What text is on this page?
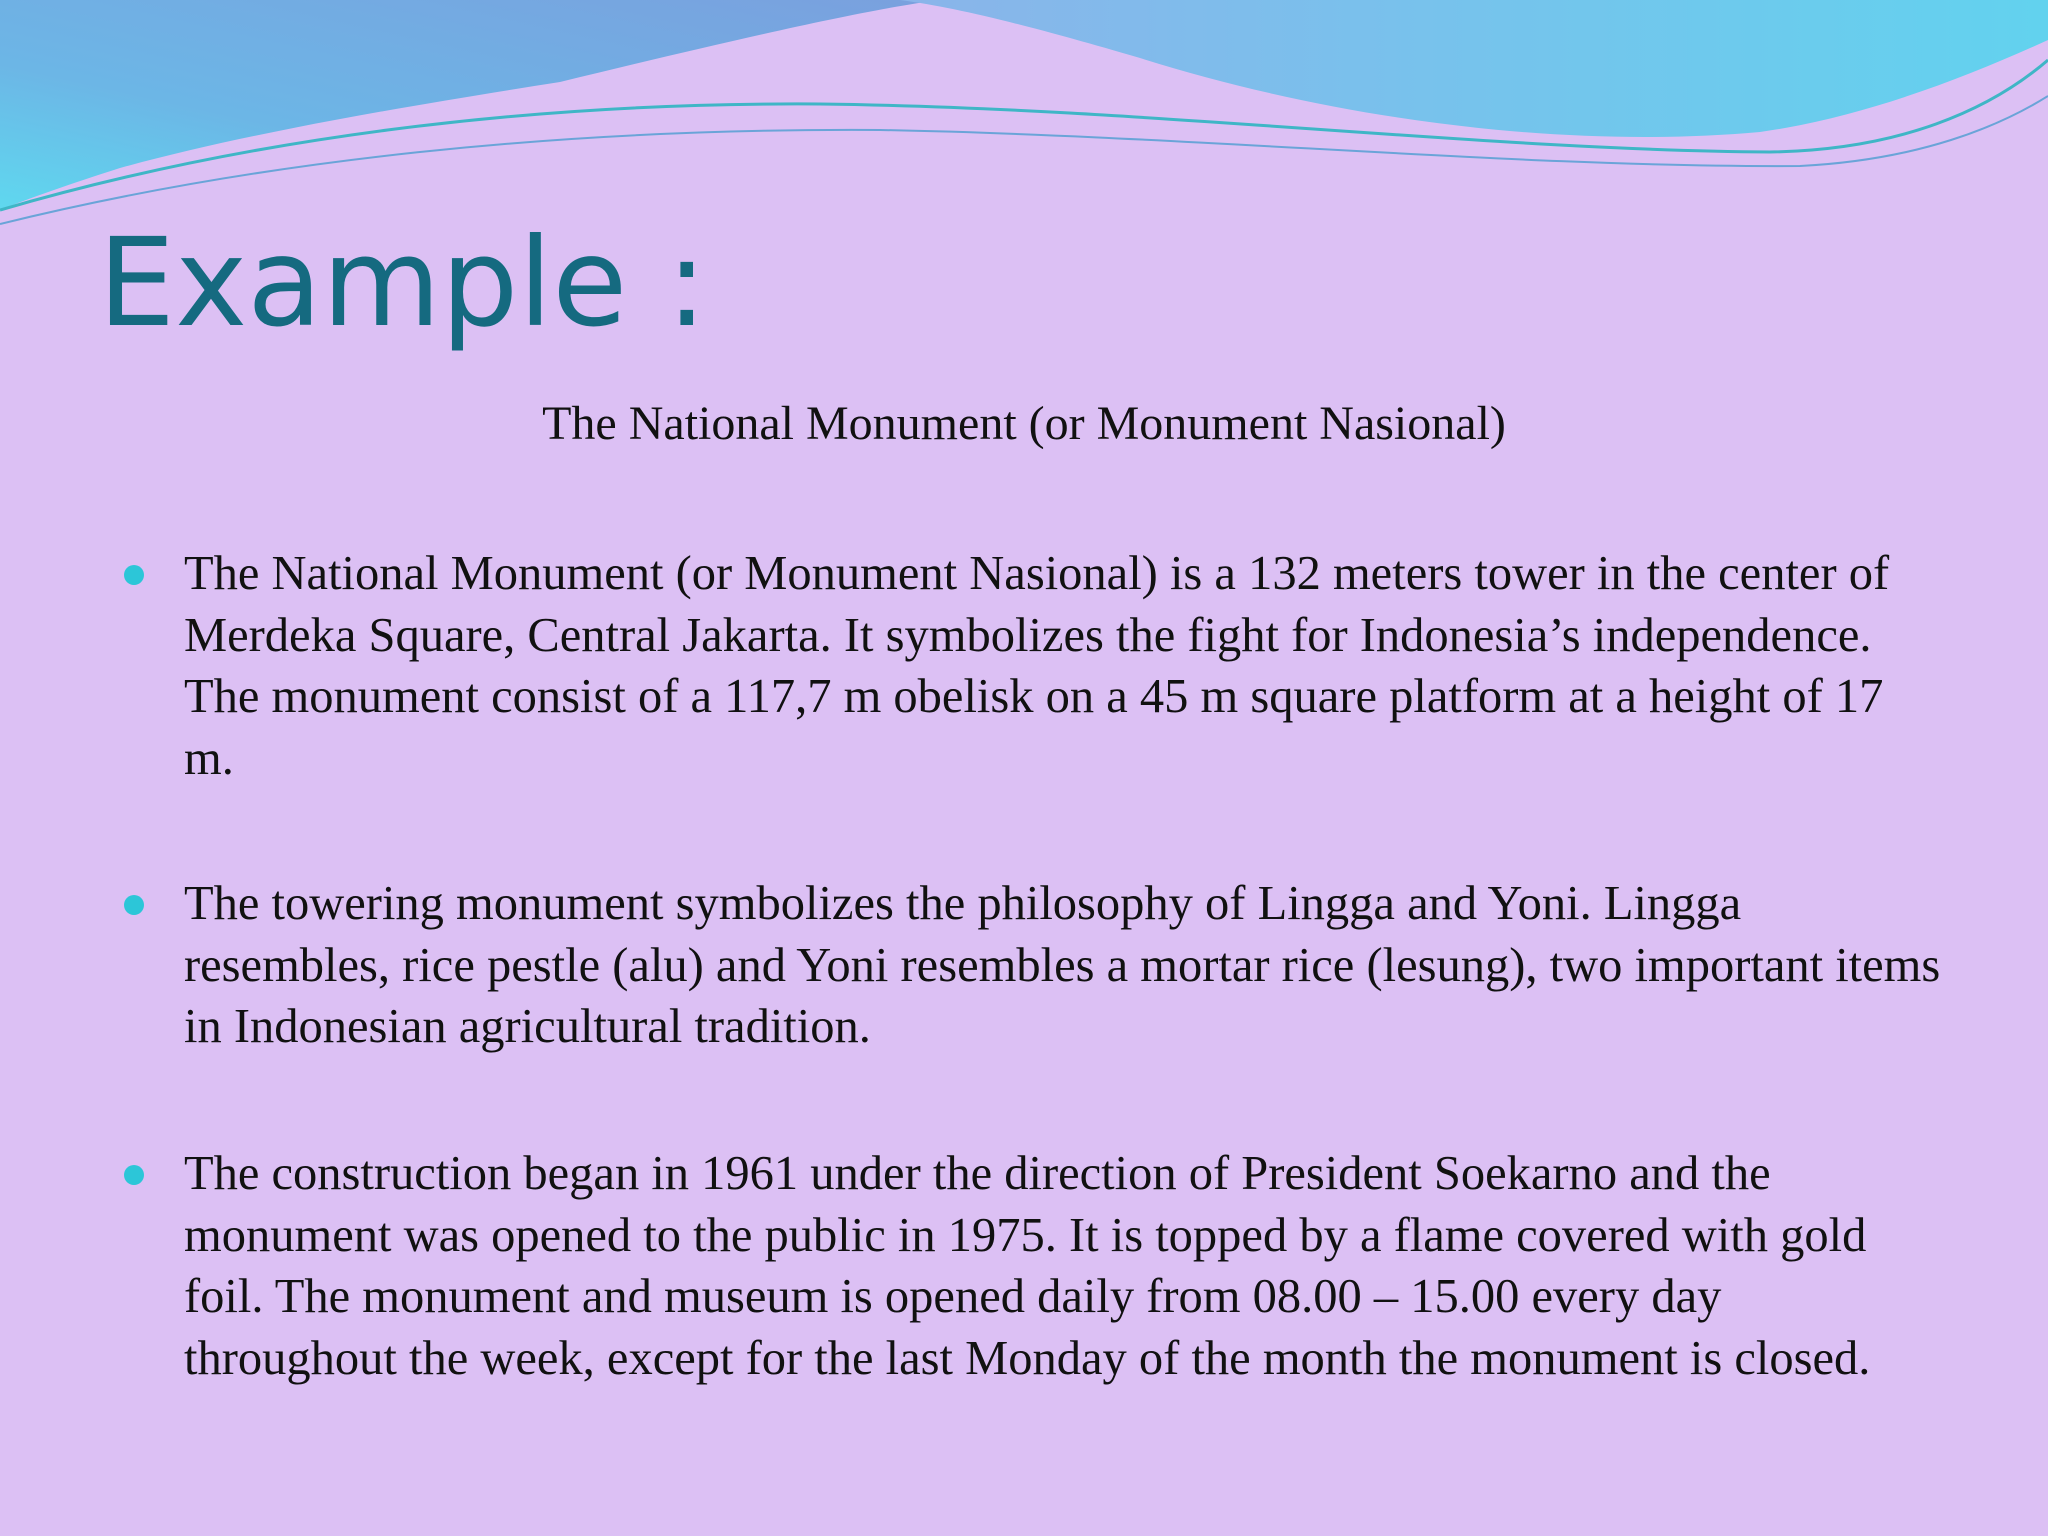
Example :

The National Monument (or Monument Nasional)

The National Monument (or Monument Nasional) is a 132 meters tower in the center of Merdeka Square, Central Jakarta. It symbolizes the fight for Indonesia’s independence. The monument consist of a 117,7 m obelisk on a 45 m square platform at a height of 17 m.
The towering monument symbolizes the philosophy of Lingga and Yoni. Lingga resembles, rice pestle (alu) and Yoni resembles a mortar rice (lesung), two important items in Indonesian agricultural tradition.
The construction began in 1961 under the direction of President Soekarno and the monument was opened to the public in 1975. It is topped by a flame covered with gold foil. The monument and museum is opened daily from 08.00 – 15.00 every day throughout the week, except for the last Monday of the month the monument is closed.
